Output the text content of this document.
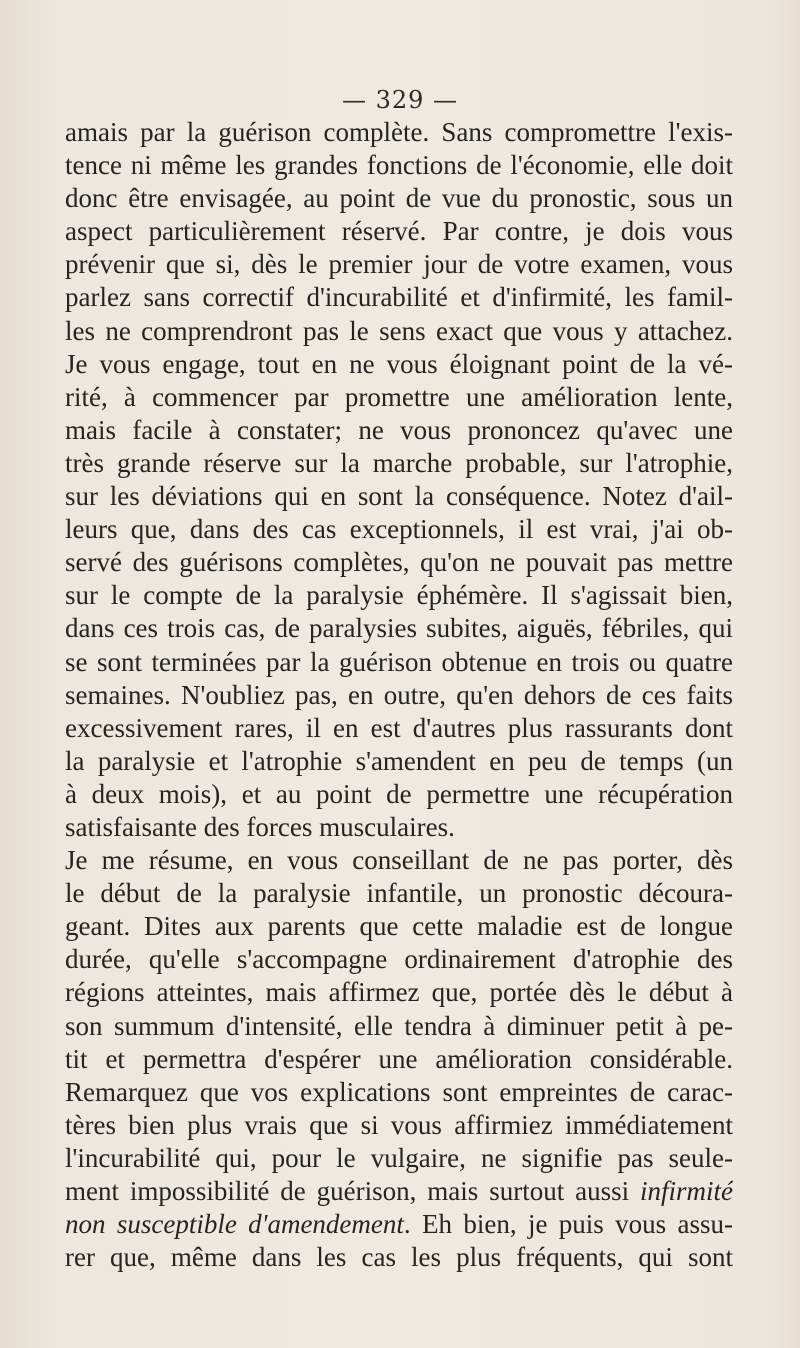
— 329 —
amais par la guérison complète. Sans compromettre l'exis-
tence ni même les grandes fonctions de l'économie, elle doit
donc être envisagée, au point de vue du pronostic, sous un
aspect particulièrement réservé. Par contre, je dois vous
prévenir que si, dès le premier jour de votre examen, vous
parlez sans correctif d'incurabilité et d'infirmité, les famil-
les ne comprendront pas le sens exact que vous y attachez.
Je vous engage, tout en ne vous éloignant point de la vé-
rité, à commencer par promettre une amélioration lente,
mais facile à constater; ne vous prononcez qu'avec une
très grande réserve sur la marche probable, sur l'atrophie,
sur les déviations qui en sont la conséquence. Notez d'ail-
leurs que, dans des cas exceptionnels, il est vrai, j'ai ob-
servé des guérisons complètes, qu'on ne pouvait pas mettre
sur le compte de la paralysie éphémère. Il s'agissait bien,
dans ces trois cas, de paralysies subites, aiguës, fébriles, qui
se sont terminées par la guérison obtenue en trois ou quatre
semaines. N'oubliez pas, en outre, qu'en dehors de ces faits
excessivement rares, il en est d'autres plus rassurants dont
la paralysie et l'atrophie s'amendent en peu de temps (un
à deux mois), et au point de permettre une récupération
satisfaisante des forces musculaires.
Je me résume, en vous conseillant de ne pas porter, dès
le début de la paralysie infantile, un pronostic découra-
geant. Dites aux parents que cette maladie est de longue
durée, qu'elle s'accompagne ordinairement d'atrophie des
régions atteintes, mais affirmez que, portée dès le début à
son summum d'intensité, elle tendra à diminuer petit à pe-
tit et permettra d'espérer une amélioration considérable.
Remarquez que vos explications sont empreintes de carac-
tères bien plus vrais que si vous affirmiez immédiatement
l'incurabilité qui, pour le vulgaire, ne signifie pas seule-
ment impossibilité de guérison, mais surtout aussi infirmité
non susceptible d'amendement. Eh bien, je puis vous assu-
rer que, même dans les cas les plus fréquents, qui sont
